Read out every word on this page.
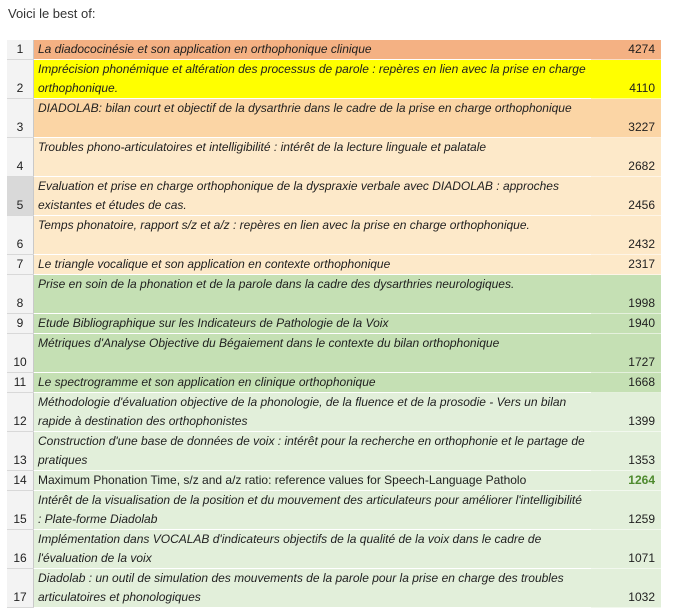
Voici le best of:
1	La diadococinésie et son application en orthophonique clinique	4274
2	Imprécision phonémique et altération des processus de parole : repères en lien avec la prise en charge orthophonique.	4110
3	DIADOLAB: bilan court et objectif de la dysarthrie dans le cadre de la prise en charge orthophonique	3227
4	Troubles phono-articulatoires et intelligibilité : intérêt de la lecture linguale et palatale	2682
5	Evaluation et prise en charge orthophonique de la dyspraxie verbale avec DIADOLAB : approches existantes et études de cas.	2456
6	Temps phonatoire, rapport s/z et a/z : repères en lien avec la prise en charge orthophonique.	2432
7	Le triangle vocalique et son application en contexte orthophonique	2317
8	Prise en soin de la phonation et de la parole dans la cadre des dysarthries neurologiques.	1998
9	Etude Bibliographique sur les Indicateurs de Pathologie de la Voix	1940
10	Métriques d'Analyse Objective du Bégaiement dans le contexte du bilan orthophonique	1727
11	Le spectrogramme et son application en clinique orthophonique	1668
12	Méthodologie d'évaluation objective de la phonologie, de la fluence et de la prosodie - Vers un bilan rapide à destination des orthophonistes	1399
13	Construction d'une base de données de voix : intérêt pour la recherche en orthophonie et le partage de pratiques	1353
14	Maximum Phonation Time, s/z and a/z ratio: reference values for Speech-Language Patholo	1264
15	Intérêt de la visualisation de la position et du mouvement des articulateurs pour améliorer l'intelligibilité : Plate-forme Diadolab	1259
16	Implémentation dans VOCALAB d'indicateurs objectifs de la qualité de la voix dans le cadre de l'évaluation de la voix	1071
17	Diadolab : un outil de simulation des mouvements de la parole pour la prise en charge des troubles articulatoires et phonologiques	1032
